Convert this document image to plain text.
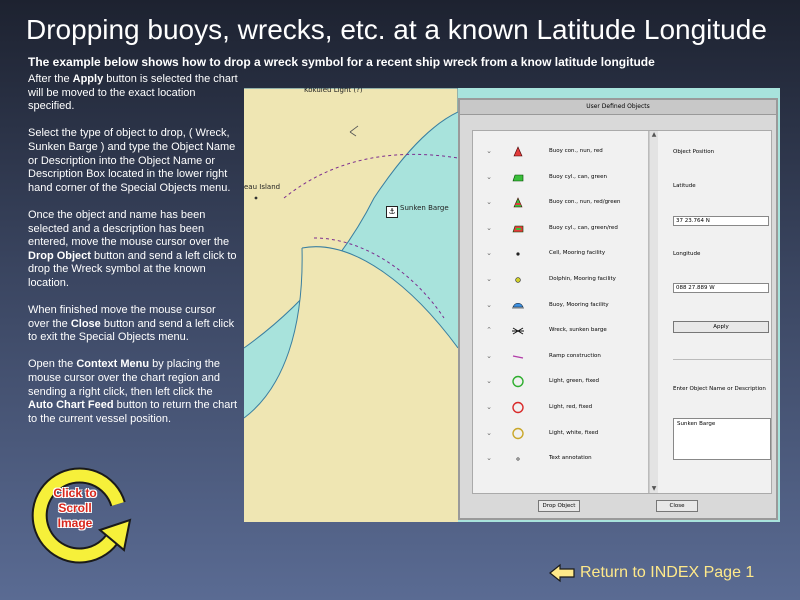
Dropping buoys, wrecks, etc. at a known Latitude Longitude
The example below shows how to drop a wreck symbol for a recent ship wreck from a know latitude longitude

After the Apply button is selected the chart will be moved to the exact location specified.

Select the type of object to drop, ( Wreck, Sunken Barge ) and type the Object Name or Description into the Object Name or Description Box located in the lower right hand corner of the Special Objects menu.

Once the object and name has been selected and a description has been entered, move the mouse cursor over the Drop Object button and send a left click to drop the Wreck symbol at the known location.

When finished move the mouse cursor over the Close button and send a left click to exit the Special Objects menu.

Open the Context Menu by placing the mouse cursor over the chart region and sending a right click, then left click the Auto Chart Feed button to return the chart to the current vessel position.

Kokuleu Light (?)
eau Island
⚓ Sunken Barge
User Defined Objects
⌄	Buoy con., nun, red
⌄	Buoy cyl., can, green
⌄	Buoy con., nun, red/green
⌄	Buoy cyl., can, green/red
⌄	Cell, Mooring facility
⌄	Dolphin, Mooring facility
⌄	Buoy, Mooring facility
⌃	Wreck, sunken barge
⌄	Ramp construction
⌄	Light, green, fixed
⌄	Light, red, fixed
⌄	Light, white, fixed
⌄	Text annotation
▲
▼
Object Position
Latitude
37 23.764 N
Longitude
088 27.889 W
Apply
Enter Object Name or Description
Sunken Barge
Drop Object	Close
Click to
Scroll
Image
Return to INDEX Page 1
